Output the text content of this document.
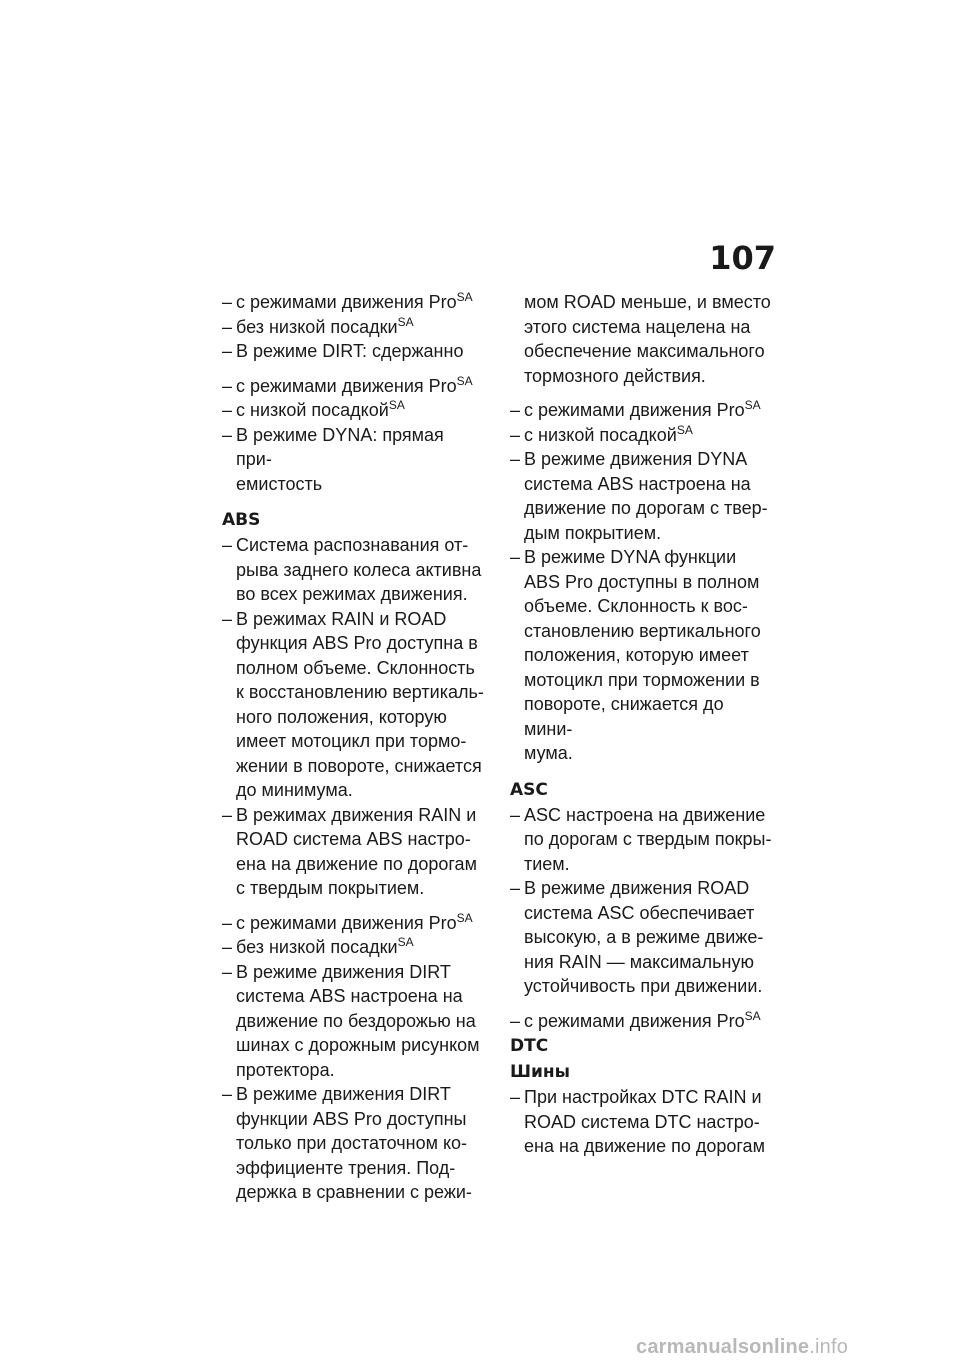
107
– с режимами движения Pro$^{SA}$
– без низкой посадки$^{SA}$
– В режиме DIRT: сдержанно
– с режимами движения Pro$^{SA}$
– с низкой посадкой$^{SA}$
– В режиме DYNA: прямая при-
емистость
ABS
– Система распознавания от-
рыва заднего колеса активна
во всех режимах движения.
– В режимах RAIN и ROAD
функция ABS Pro доступна в
полном объеме. Склонность
к восстановлению вертикаль-
ного положения, которую
имеет мотоцикл при тормо-
жении в повороте, снижается
до минимума.
– В режимах движения RAIN и
ROAD система ABS настро-
ена на движение по дорогам
с твердым покрытием.
– с режимами движения Pro$^{SA}$
– без низкой посадки$^{SA}$
– В режиме движения DIRT
система ABS настроена на
движение по бездорожью на
шинах с дорожным рисунком
протектора.
– В режиме движения DIRT
функции ABS Pro доступны
только при достаточном ко-
эффициенте трения. Под-
держка в сравнении с режи-
мом ROAD меньше, и вместо
этого система нацелена на
обеспечение максимального
тормозного действия.
– с режимами движения Pro$^{SA}$
– с низкой посадкой$^{SA}$
– В режиме движения DYNA
система ABS настроена на
движение по дорогам с твер-
дым покрытием.
– В режиме DYNA функции
ABS Pro доступны в полном
объеме. Склонность к вос-
становлению вертикального
положения, которую имеет
мотоцикл при торможении в
повороте, снижается до мини-
мума.
ASC
– ASC настроена на движение
по дорогам с твердым покры-
тием.
– В режиме движения ROAD
система ASC обеспечивает
высокую, а в режиме движе-
ния RAIN — максимальную
устойчивость при движении.
– с режимами движения Pro$^{SA}$
DTC
Шины
– При настройках DTC RAIN и
ROAD система DTC настро-
ена на движение по дорогам
carmanualsonline.info
